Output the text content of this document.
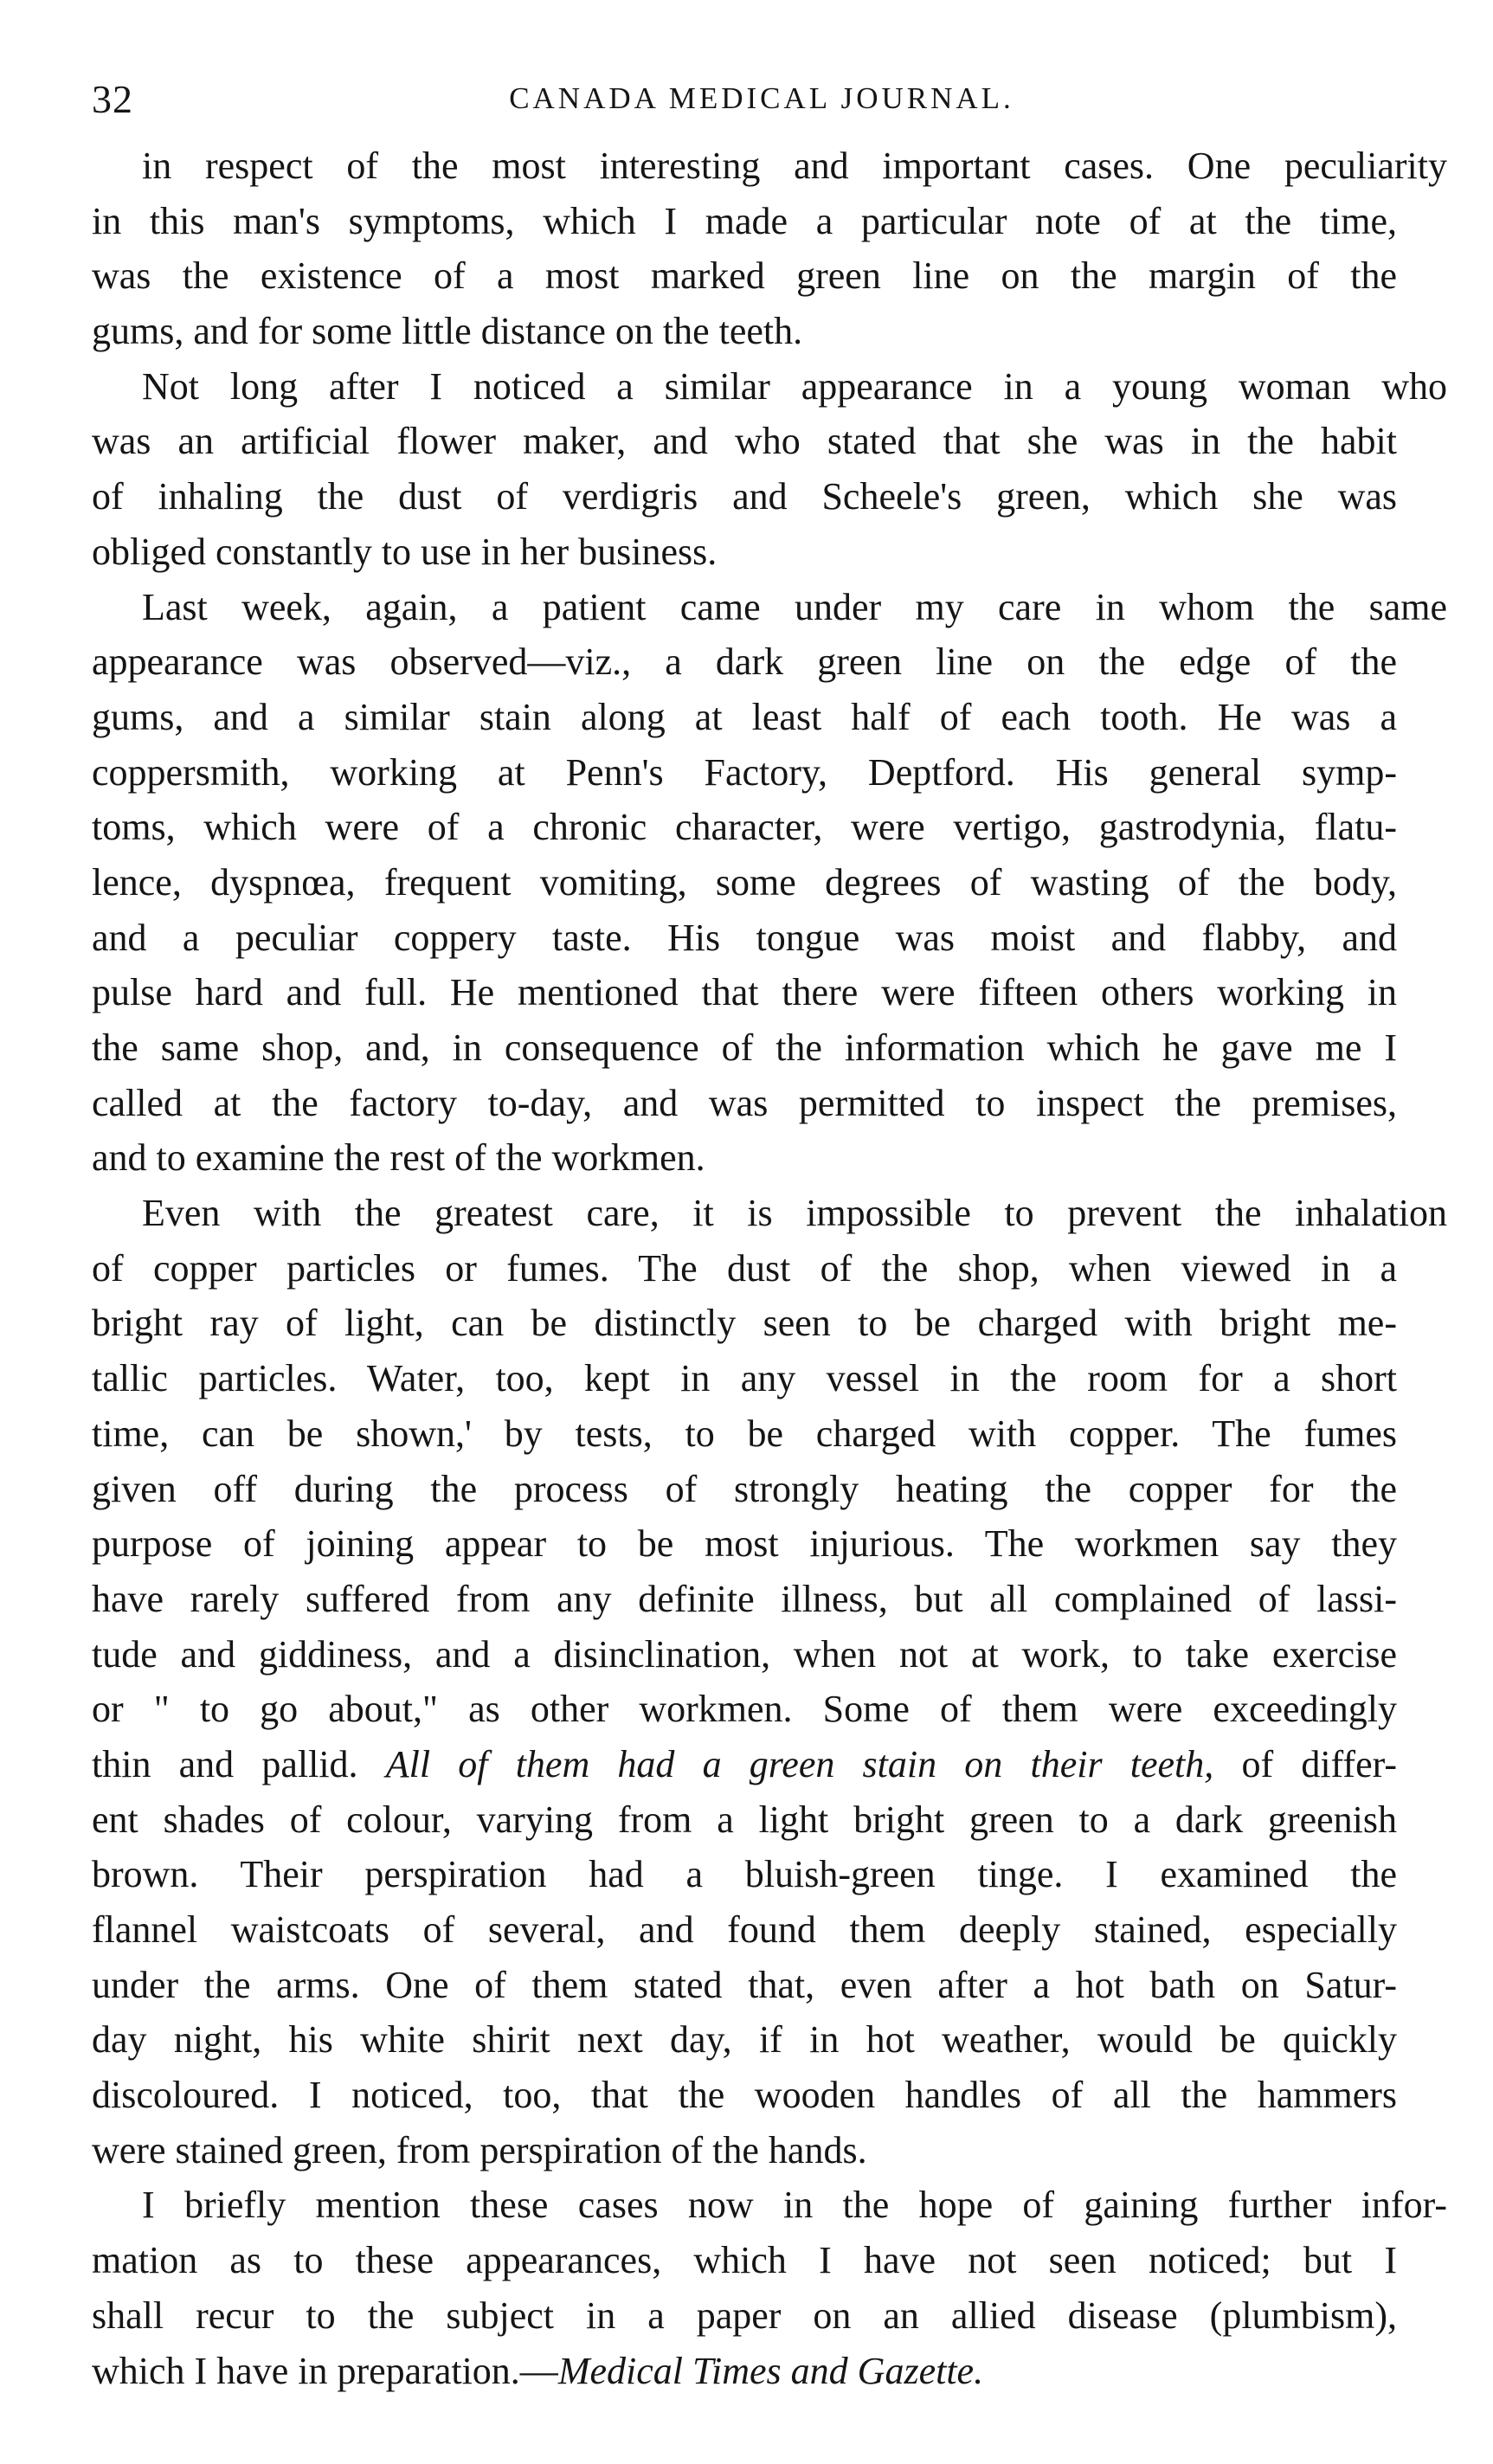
32	CANADA MEDICAL JOURNAL.
in respect of the most interesting and important cases. One peculiarity
in this man's symptoms, which I made a particular note of at the time,
was the existence of a most marked green line on the margin of the
gums, and for some little distance on the teeth.
Not long after I noticed a similar appearance in a young woman who
was an artificial flower maker, and who stated that she was in the habit
of inhaling the dust of verdigris and Scheele's green, which she was
obliged constantly to use in her business.
Last week, again, a patient came under my care in whom the same
appearance was observed—viz., a dark green line on the edge of the
gums, and a similar stain along at least half of each tooth. He was a
coppersmith, working at Penn's Factory, Deptford. His general symp-
toms, which were of a chronic character, were vertigo, gastrodynia, flatu-
lence, dyspnœa, frequent vomiting, some degrees of wasting of the body,
and a peculiar coppery taste. His tongue was moist and flabby, and
pulse hard and full. He mentioned that there were fifteen others working in
the same shop, and, in consequence of the information which he gave me I
called at the factory to-day, and was permitted to inspect the premises,
and to examine the rest of the workmen.
Even with the greatest care, it is impossible to prevent the inhalation
of copper particles or fumes. The dust of the shop, when viewed in a
bright ray of light, can be distinctly seen to be charged with bright me-
tallic particles. Water, too, kept in any vessel in the room for a short
time, can be shown,' by tests, to be charged with copper. The fumes
given off during the process of strongly heating the copper for the
purpose of joining appear to be most injurious. The workmen say they
have rarely suffered from any definite illness, but all complained of lassi-
tude and giddiness, and a disinclination, when not at work, to take exercise
or " to go about," as other workmen. Some of them were exceedingly
thin and pallid. All of them had a green stain on their teeth, of differ-
ent shades of colour, varying from a light bright green to a dark greenish
brown. Their perspiration had a bluish-green tinge. I examined the
flannel waistcoats of several, and found them deeply stained, especially
under the arms. One of them stated that, even after a hot bath on Satur-
day night, his white shirit next day, if in hot weather, would be quickly
discoloured. I noticed, too, that the wooden handles of all the hammers
were stained green, from perspiration of the hands.
I briefly mention these cases now in the hope of gaining further infor-
mation as to these appearances, which I have not seen noticed; but I
shall recur to the subject in a paper on an allied disease (plumbism),
which I have in preparation.—Medical Times and Gazette.
